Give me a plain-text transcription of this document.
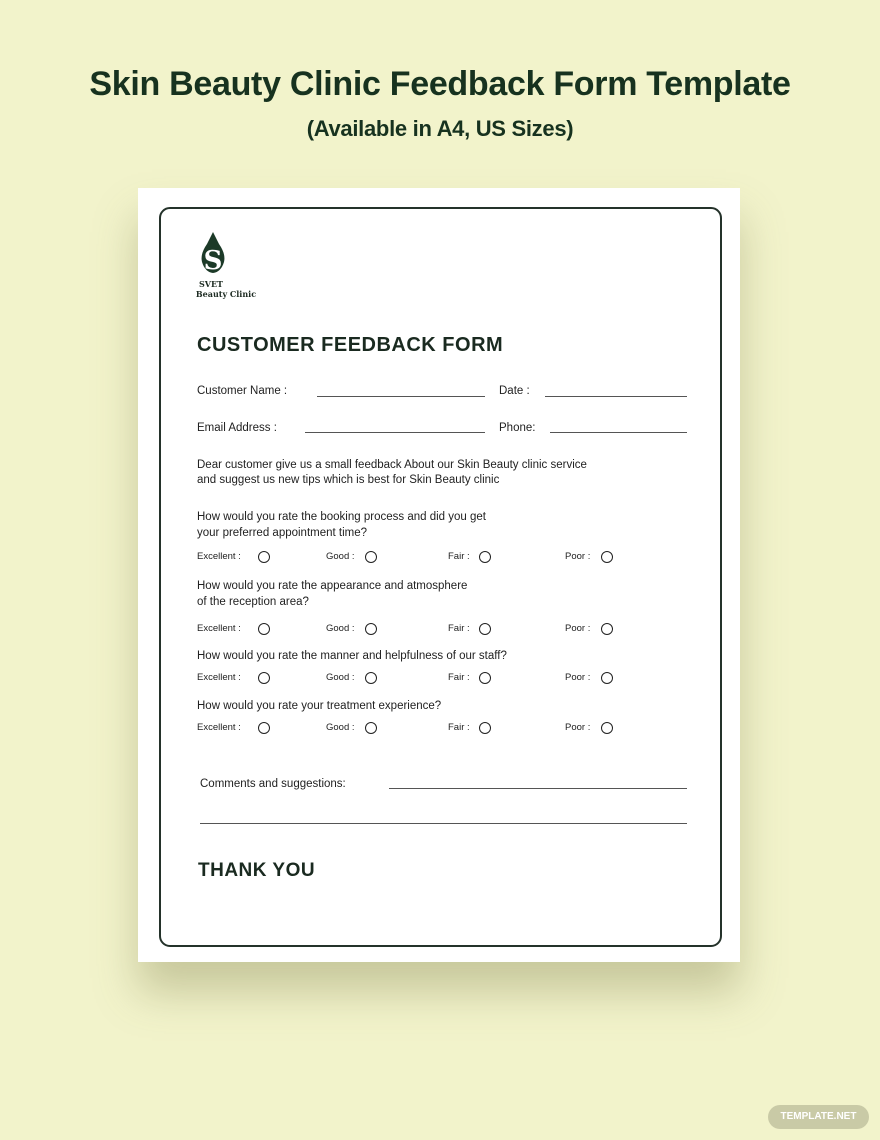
Skin Beauty Clinic Feedback Form Template
(Available in A4, US Sizes)
S
SVET
Beauty Clinic
CUSTOMER FEEDBACK FORM
Customer Name :	Date :
Email Address :	Phone:
Dear customer give us a small feedback About our Skin Beauty clinic service
and suggest us new tips which is best for Skin Beauty clinic
How would you rate the booking process and did you get
your preferred appointment time?
How would you rate the appearance and atmosphere
of the reception area?
How would you rate the manner and helpfulness of our staff?
How would you rate your treatment experience?
Excellent :	Good :	Fair :	Poor :
Excellent :	Good :	Fair :	Poor :
Excellent :	Good :	Fair :	Poor :
Excellent :	Good :	Fair :	Poor :
Comments and suggestions:
THANK YOU
TEMPLATE.NET
